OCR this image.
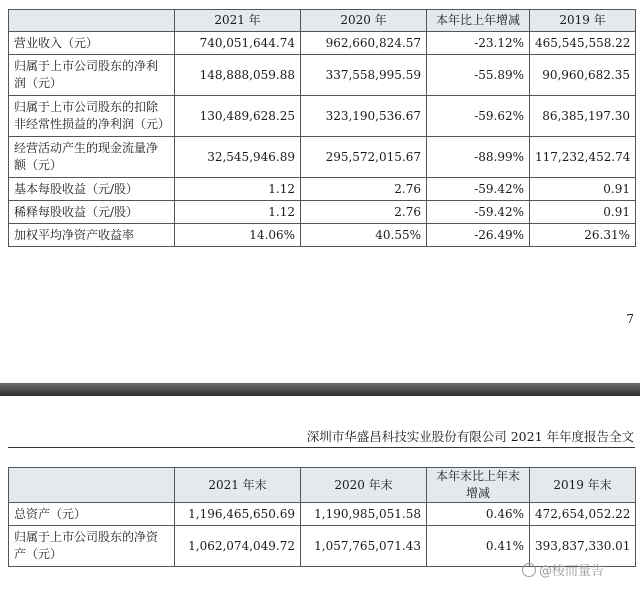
	2021 年	2020 年	本年比上年增减	2019 年
营业收入（元）	740,051,644.74	962,660,824.57	-23.12%	465,545,558.22
归属于上市公司股东的净利润（元）	148,888,059.88	337,558,995.59	-55.89%	90,960,682.35
归属于上市公司股东的扣除非经常性损益的净利润（元）	130,489,628.25	323,190,536.67	-59.62%	86,385,197.30
经营活动产生的现金流量净额（元）	32,545,946.89	295,572,015.67	-88.99%	117,232,452.74
基本每股收益（元/股）	1.12	2.76	-59.42%	0.91
稀释每股收益（元/股）	1.12	2.76	-59.42%	0.91
加权平均净资产收益率	14.06%	40.55%	-26.49%	26.31%
7
深圳市华盛昌科技实业股份有限公司 2021 年年度报告全文
	2021 年末	2020 年末	本年末比上年末增减	2019 年末
总资产（元）	1,196,465,650.69	1,190,985,051.58	0.46%	472,654,052.22
归属于上市公司股东的净资产（元）	1,062,074,049.72	1,057,765,071.43	0.41%	393,837,330.01
@梭而量告
